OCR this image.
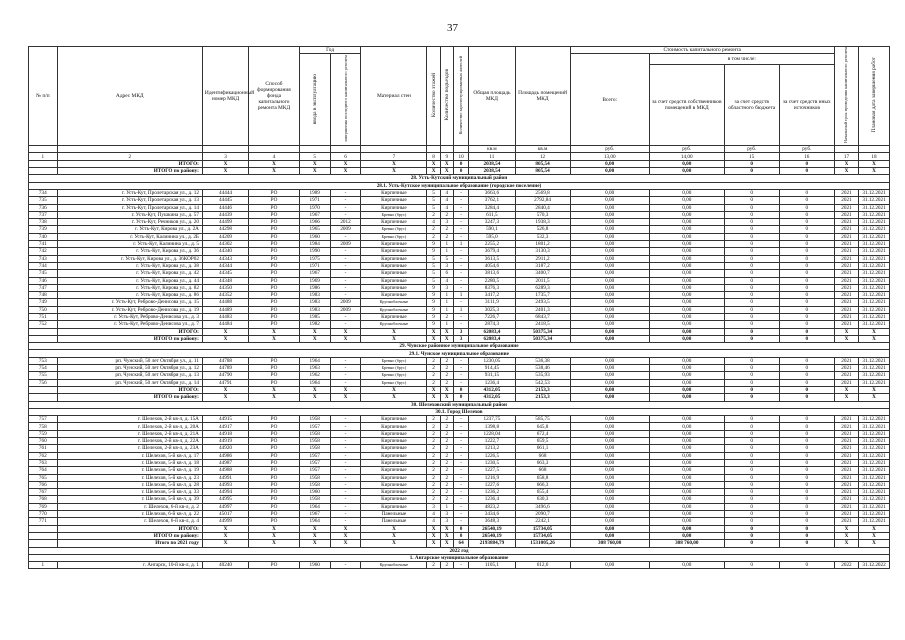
37
№ п/п	Адрес МКД	Идентификационный номер МКД	Способ формирования фонда капитального ремонта МКД	Год		Материал стен	Количество этажей	Количество подъездов	Количество зарегистрированных жителей	Общая площадь МКД	Площадь помещений МКД	Стоимость капитального ремонта				Начальный срок проведения капитального ремонта	Плановая дата завершения работ
				ввода в эксплуатацию	завершения последнего капитального ремонта							Всего:	в том числе:				
													за счет средств собственников помещений в МКД	за счет средств областного бюджета	за счет средств иных источников		
										кв.м	кв.м	руб.	руб.	руб.	руб.		
1	2	3	4	5	6	7	8	9	10	11	12	13,00	14,00	15	16	17	18
	ИТОГО:	X	X	X	X	X	X	X	0	2038,54	805,54	0,00	0,00	0	0	X	X
	ИТОГО по району:	X	X	X	X	X	X	X	0	2038,54	805,54	0,00	0,00	0	0	X	X
28. Усть-Кутский муниципальный район																	
28.1. Усть-Кутское муниципальное образование (городское поселение)																	
734	г. Усть-Кут, Пролетарская ул., д. 12	44444	РО	1989	-	Кирпичные	5	4	-	3663,6	2569,8	0,00	0,00	0	0	2021	31.12.2021
735	г. Усть-Кут, Пролетарская ул., д. 13	44445	РО	1971	-	Кирпичные	5	4	-	3762,1	2792,84	0,00	0,00	0	0	2021	31.12.2021
736	г. Усть-Кут, Пролетарская ул., д. 14	44446	РО	1970	-	Кирпичные	5	4	-	3284,4	2840,4	0,00	0,00	0	0	2021	31.12.2021
737	г. Усть-Кут, Пушкина ул., д. 57	44439	РО	1967	-	Бревно (брус)	2	2	-	611,5	570,3	0,00	0,00	0	0	2021	31.12.2021
738	г. Усть-Кут, Речников ул., д. 20	44499	РО	1966	2012	Кирпичные	4	3	-	3247,3	1938,3	0,00	0,00	0	0	2021	31.12.2021
739	г. Усть-Кут, Кирова ул., д. 2А	44298	РО	1965	2009	Бревно (брус)	2	2	-	590,1	526,8	0,00	0,00	0	0	2021	31.12.2021
740	г. Усть-Кут, Калинина ул., д. 2Б	44209	РО	1960	-	Бревно (брус)	2	2	-	595,0	532,3	0,00	0,00	0	0	2021	31.12.2021
741	г. Усть-Кут, Калинина ул., д. 5	44302	РО	1984	2009	Кирпичные	9	1	1	2255,2	1801,2	0,00	0,00	0	0	2021	31.12.2021
742	г. Усть-Кут, Кирова ул., д. 36	44340	РО	1990	-	Кирпичные	9	1	-	3679,4	3130,3	0,00	0,00	0	0	2021	31.12.2021
743	г. Усть-Кут, Кирова ул., д. 36КОР02	44343	РО	1975	-	Кирпичные	5	5	-	3613,5	2911,2	0,00	0,00	0	0	2021	31.12.2021
744	г. Усть-Кут, Кирова ул., д. 38	44344	РО	1971	-	Кирпичные	5	3	-	4054,6	3187,2	0,00	0,00	0	0	2021	31.12.2021
745	г. Усть-Кут, Кирова ул., д. 42	44345	РО	1967	-	Кирпичные	5	6	-	3813,6	3400,7	0,00	0,00	0	0	2021	31.12.2021
746	г. Усть-Кут, Кирова ул., д. 44	44348	РО	1969	-	Кирпичные	5	4	-	2280,5	2011,5	0,00	0,00	0	0	2021	31.12.2021
747	г. Усть-Кут, Кирова ул., д. 82	44350	РО	1986	-	Кирпичные	9	3	-	8376,3	6289,3	0,00	0,00	0	0	2021	31.12.2021
748	г. Усть-Кут, Кирова ул., д. 86	44352	РО	1983	-	Кирпичные	9	1	1	3417,2	1735,7	0,00	0,00	0	0	2021	31.12.2021
749	г. Усть-Кут, Реброво-Денисова ул., д. 15	44488	РО	1983	2009	Крупноблочные	9	1	-	3111,9	2493,5	0,00	0,00	0	0	2021	31.12.2021
750	г. Усть-Кут, Реброво-Денисова ул., д. 19	44489	РО	1983	2009	Крупноблочные	9	1	1	3025,3	2401,3	0,00	0,00	0	0	2021	31.12.2021
751	г. Усть-Кут, Реброво-Денисова ул., д. 3	44483	РО	1985	-	Кирпичные	9	2	-	7226,7	6843,7	0,00	0,00	0	0	2021	31.12.2021
752	г. Усть-Кут, Реброво-Денисова ул., д. 7	44484	РО	1982	-	Крупноблочные	9	1	-	2874,3	2418,5	0,00	0,00	0	0	2021	31.12.2021
	ИТОГО:	X	X	X	X	X	X	X	3	62083,4	50375,34	0,00	0,00	0	0	X	X
	ИТОГО по району:	X	X	X	X	X	X	X	3	62083,4	50375,34	0,00	0,00	0	0	X	X
29. Чунское районное муниципальное образование																	
29.1. Чунское муниципальное образование																	
753	рп. Чунский, 50 лет Октября ул., д. 11	44788	РО	1964	-	Бревно (брус)	2	2	-	1230,05	536,38	0,00	0,00	0	0	2021	31.12.2021
754	рп. Чунский, 50 лет Октября ул., д. 12	44789	РО	1963	-	Бревно (брус)	2	2	-	914,45	538,46	0,00	0,00	0	0	2021	31.12.2021
755	рп. Чунский, 50 лет Октября ул., д. 13	44790	РО	1962	-	Бревно (брус)	2	2	-	931,15	535,93	0,00	0,00	0	0	2021	31.12.2021
756	рп. Чунский, 50 лет Октября ул., д. 14	44791	РО	1964	-	Бревно (брус)	2	2	-	1236,4	542,53	0,00	0,00	0	0	2021	31.12.2021
	ИТОГО:	X	X	X	X	X	X	X	0	4312,05	2153,3	0,00	0,00	0	0	X	X
	ИТОГО по району:	X	X	X	X	X	X	X	0	4312,05	2153,3	0,00	0,00	0	0	X	X
30. Шелеховский муниципальный район																	
30.1. Город Шелехов																	
757	г. Шелехов, 2-й кв-л, д. 15А	44915	РО	1958	-	Кирпичные	2	2	-	1237,75	585,75	0,00	0,00	0	0	2021	31.12.2021
758	г. Шелехов, 2-й кв-л, д. 20А	44917	РО	1957	-	Кирпичные	2	2	-	1398,8	645,8	0,00	0,00	0	0	2021	31.12.2021
759	г. Шелехов, 2-й кв-л, д. 21А	44918	РО	1958	-	Кирпичные	2	2	-	1228,04	672,4	0,00	0,00	0	0	2021	31.12.2021
760	г. Шелехов, 2-й кв-л, д. 22А	44919	РО	1958	-	Кирпичные	2	2	-	1222,7	659,5	0,00	0,00	0	0	2021	31.12.2021
761	г. Шелехов, 2-й кв-л, д. 23А	44920	РО	1958	-	Кирпичные	2	2	-	1213,2	661,1	0,00	0,00	0	0	2021	31.12.2021
762	г. Шелехов, 5-й кв-л, д. 17	44986	РО	1957	-	Кирпичные	2	2	-	1226,5	668	0,00	0,00	0	0	2021	31.12.2021
763	г. Шелехов, 5-й кв-л, д. 18	44987	РО	1957	-	Кирпичные	2	2	-	1230,5	663,3	0,00	0,00	0	0	2021	31.12.2021
764	г. Шелехов, 5-й кв-л, д. 19	44988	РО	1957	-	Кирпичные	2	2	-	1227,5	668	0,00	0,00	0	0	2021	31.12.2021
765	г. Шелехов, 5-й кв-л, д. 23	44991	РО	1958	-	Кирпичные	2	2	-	1216,9	658,8	0,00	0,00	0	0	2021	31.12.2021
766	г. Шелехов, 5-й кв-л, д. 28	44993	РО	1958	-	Кирпичные	2	2	-	1227,6	666,3	0,00	0,00	0	0	2021	31.12.2021
767	г. Шелехов, 5-й кв-л, д. 33	44994	РО	1960	-	Кирпичные	2	2	-	1236,2	655,4	0,00	0,00	0	0	2021	31.12.2021
768	г. Шелехов, 5-й кв-л, д. 39	44995	РО	1958	-	Кирпичные	2	2	-	1236,4	630,3	0,00	0,00	0	0	2021	31.12.2021
769	г. Шелехов, 6-й кв-л, д. 2	44997	РО	1964	-	Кирпичные	3	1	-	4823,2	3496,6	0,00	0,00	0	0	2021	31.12.2021
770	г. Шелехов, 6-й кв-л, д. 22	45017	РО	1967	-	Панельные	4	3	-	3434,6	2090,7	0,00	0,00	0	0	2021	31.12.2021
771	г. Шелехов, 6-й кв-л, д. 4	44999	РО	1964	-	Панельные	4	3	-	3648,3	2242,1	0,00	0,00	0	0	2021	31.12.2021
	ИТОГО:	X	X	X	X	X	X	X	0	26540,19	15734,05	0,00	0,00	0	0	X	X
	ИТОГО по району:	X	X	X	X	X	X	X	0	26540,19	15734,05	0,00	0,00	0	0	X	X
	Итого по 2021 году	X	X	X	X	X	X	X	64	2193884,79	1531005,26	308 760,00	308 760,00	0	0	X	X
2022 год																	
1. Ангарское муниципальное образование																	
1	г. Ангарск, 10-й кв-л, д. 1	40240	РО	1960	-	Крупноблочные	2	2	-	1105,1	612,6	0,00	0,00	0	0	2022	31.12.2022
